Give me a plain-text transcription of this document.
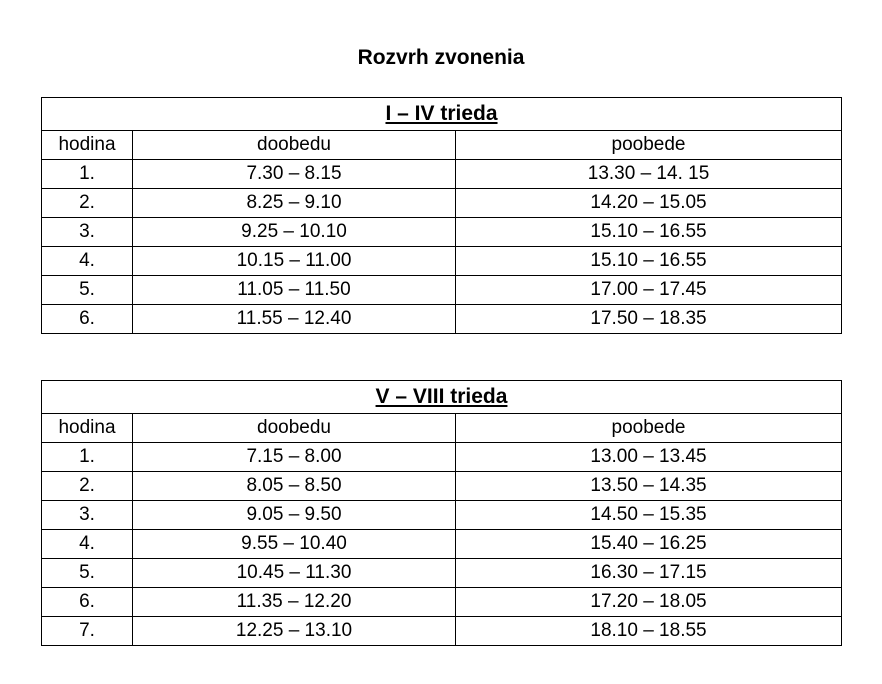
Rozvrh zvonenia
I – IV trieda		
hodina	doobedu	poobede
1.	7.30 – 8.15	13.30 – 14. 15
2.	8.25 – 9.10	14.20 – 15.05
3.	9.25 – 10.10	15.10 – 16.55
4.	10.15 – 11.00	15.10 – 16.55
5.	11.05 – 11.50	17.00 – 17.45
6.	11.55 – 12.40	17.50 – 18.35
V – VIII trieda		
hodina	doobedu	poobede
1.	7.15 – 8.00	13.00 – 13.45
2.	8.05 – 8.50	13.50 – 14.35
3.	9.05 – 9.50	14.50 – 15.35
4.	9.55 – 10.40	15.40 – 16.25
5.	10.45 – 11.30	16.30 – 17.15
6.	11.35 – 12.20	17.20 – 18.05
7.	12.25 – 13.10	18.10 – 18.55
